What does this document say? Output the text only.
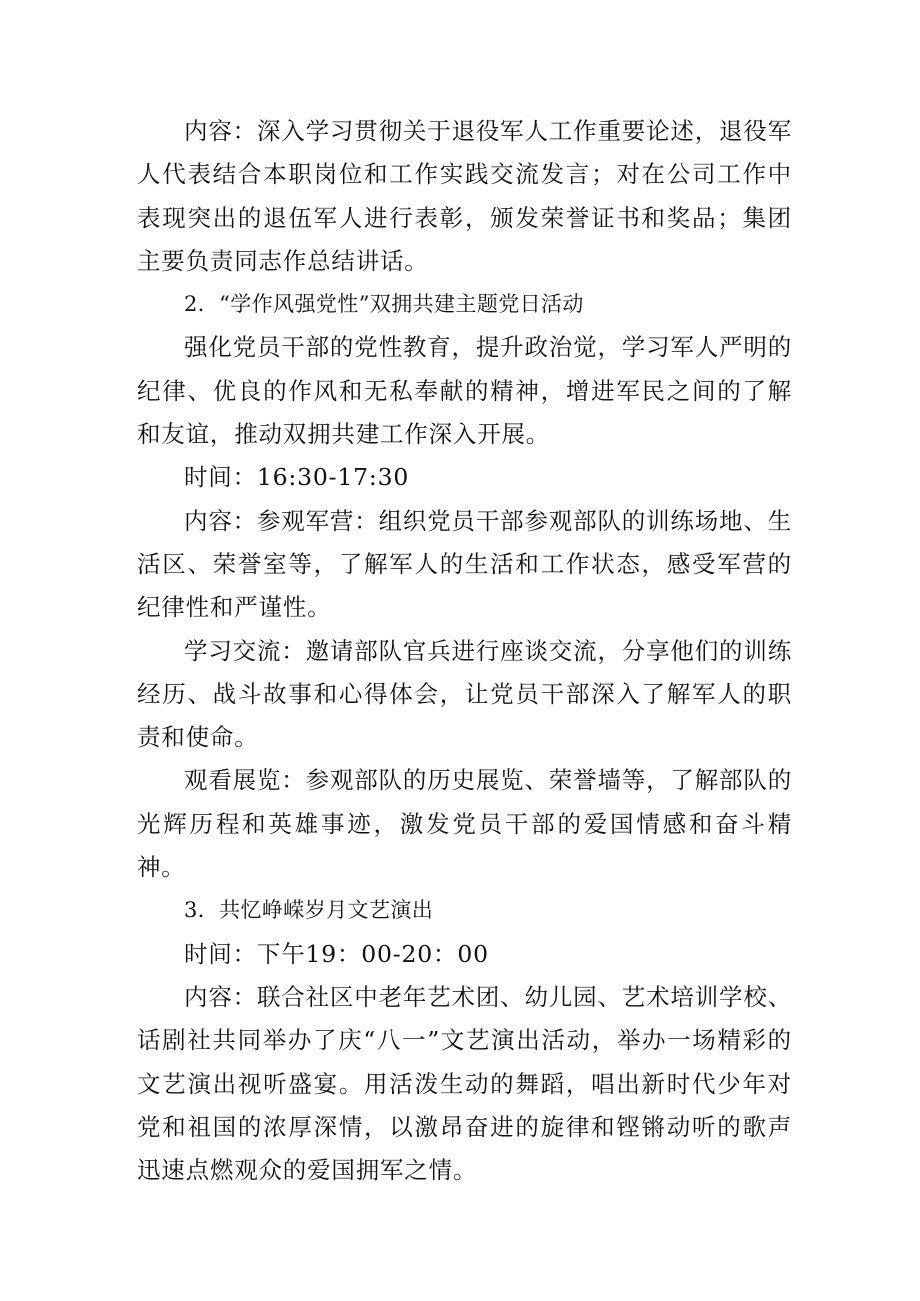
内容：深入学习贯彻关于退役军人工作重要论述，退役军人代表结合本职岗位和工作实践交流发言；对在公司工作中表现突出的退伍军人进行表彰，颁发荣誉证书和奖品；集团主要负责同志作总结讲话。

2．“学作风强党性”双拥共建主题党日活动

强化党员干部的党性教育，提升政治觉，学习军人严明的纪律、优良的作风和无私奉献的精神，增进军民之间的了解和友谊，推动双拥共建工作深入开展。

时间：16:30-17:30

内容：参观军营：组织党员干部参观部队的训练场地、生活区、荣誉室等，了解军人的生活和工作状态，感受军营的纪律性和严谨性。

学习交流：邀请部队官兵进行座谈交流，分享他们的训练经历、战斗故事和心得体会，让党员干部深入了解军人的职责和使命。

观看展览：参观部队的历史展览、荣誉墙等，了解部队的光辉历程和英雄事迹，激发党员干部的爱国情感和奋斗精神。

3．共忆峥嵘岁月文艺演出

时间：下午19：00-20：00

内容：联合社区中老年艺术团、幼儿园、艺术培训学校、话剧社共同举办了庆“八一”文艺演出活动，举办一场精彩的文艺演出视听盛宴。用活泼生动的舞蹈，唱出新时代少年对党和祖国的浓厚深情，以激昂奋进的旋律和铿锵动听的歌声迅速点燃观众的爱国拥军之情。
